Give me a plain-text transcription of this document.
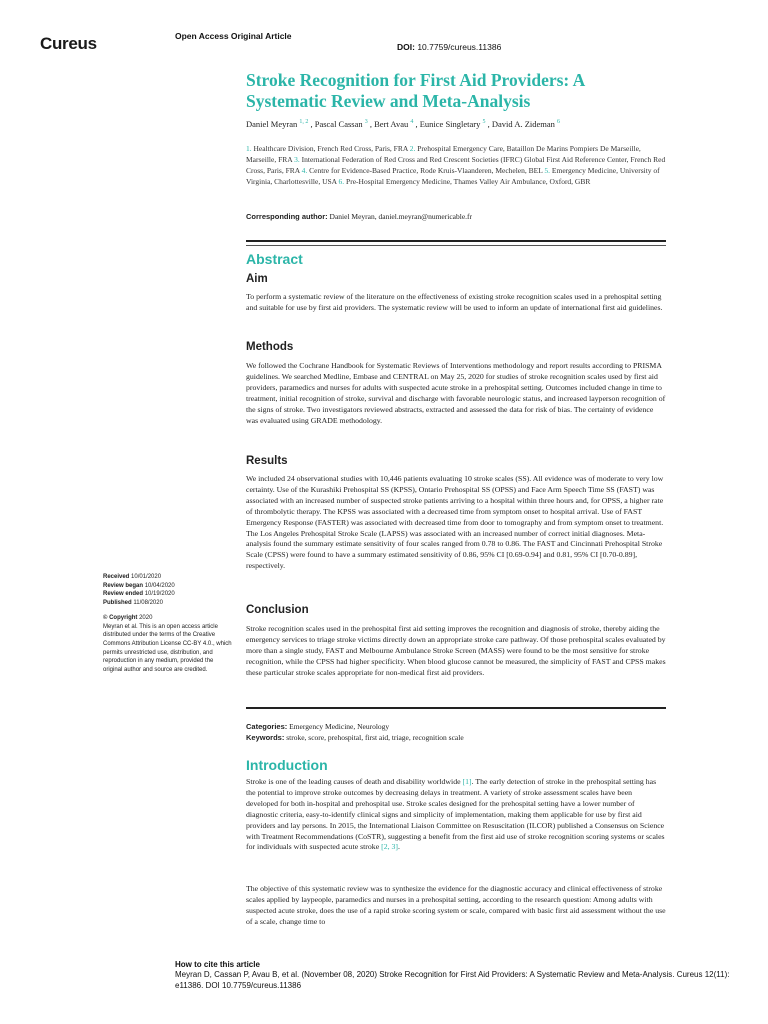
Cureus	Open Access Original Article
DOI: 10.7759/cureus.11386
Stroke Recognition for First Aid Providers: A Systematic Review and Meta-Analysis
Daniel Meyran $^{1, 2}$ , Pascal Cassan $^3$ , Bert Avau $^4$ , Eunice Singletary $^5$ , David A. Zideman $^6$
1. Healthcare Division, French Red Cross, Paris, FRA 2. Prehospital Emergency Care, Bataillon De Marins Pompiers De Marseille, Marseille, FRA 3. International Federation of Red Cross and Red Crescent Societies (IFRC) Global First Aid Reference Center, French Red Cross, Paris, FRA 4. Centre for Evidence-Based Practice, Rode Kruis-Vlaanderen, Mechelen, BEL 5. Emergency Medicine, University of Virginia, Charlottesville, USA 6. Pre-Hospital Emergency Medicine, Thames Valley Air Ambulance, Oxford, GBR
Corresponding author: Daniel Meyran, daniel.meyran@numericable.fr
Abstract
Aim

To perform a systematic review of the literature on the effectiveness of existing stroke recognition scales used in a prehospital setting and suitable for use by first aid providers. The systematic review will be used to inform an update of international first aid guidelines.

Methods

We followed the Cochrane Handbook for Systematic Reviews of Interventions methodology and report results according to PRISMA guidelines. We searched Medline, Embase and CENTRAL on May 25, 2020 for studies of stroke recognition scales used by first aid providers, paramedics and nurses for adults with suspected acute stroke in a prehospital setting. Outcomes included change in time to treatment, initial recognition of stroke, survival and discharge with favorable neurologic status, and increased layperson recognition of the signs of stroke. Two investigators reviewed abstracts, extracted and assessed the data for risk of bias. The certainty of evidence was evaluated using GRADE methodology.

Results

We included 24 observational studies with 10,446 patients evaluating 10 stroke scales (SS). All evidence was of moderate to very low certainty. Use of the Kurashiki Prehospital SS (KPSS), Ontario Prehospital SS (OPSS) and Face Arm Speech Time SS (FAST) was associated with an increased number of suspected stroke patients arriving to a hospital within three hours and, for OPSS, a higher rate of thrombolytic therapy. The KPSS was associated with a decreased time from symptom onset to hospital arrival. Use of FAST Emergency Response (FASTER) was associated with decreased time from door to tomography and from symptom onset to treatment. The Los Angeles Prehospital Stroke Scale (LAPSS) was associated with an increased number of correct initial diagnoses. Meta-analysis found the summary estimate sensitivity of four scales ranged from 0.78 to 0.86. The FAST and Cincinnati Prehospital Stroke Scale (CPSS) were found to have a summary estimated sensitivity of 0.86, 95% CI [0.69-0.94] and 0.81, 95% CI [0.70-0.89], respectively.

Conclusion

Stroke recognition scales used in the prehospital first aid setting improves the recognition and diagnosis of stroke, thereby aiding the emergency services to triage stroke victims directly down an appropriate stroke care pathway. Of those prehospital scales evaluated by more than a single study, FAST and Melbourne Ambulance Stroke Screen (MASS) were found to be the most sensitive for stroke recognition, while the CPSS had higher specificity. When blood glucose cannot be measured, the simplicity of FAST and CPSS makes these particular stroke scales appropriate for non-medical first aid providers.

Received 10/01/2020
Review began 10/04/2020
Review ended 10/19/2020
Published 11/08/2020
© Copyright 2020
Meyran et al. This is an open access article distributed under the terms of the Creative Commons Attribution License CC-BY 4.0., which permits unrestricted use, distribution, and reproduction in any medium, provided the original author and source are credited.
Categories: Emergency Medicine, Neurology
Keywords: stroke, score, prehospital, first aid, triage, recognition scale
Introduction

Stroke is one of the leading causes of death and disability worldwide [1]. The early detection of stroke in the prehospital setting has the potential to improve stroke outcomes by decreasing delays in treatment. A variety of stroke assessment scales have been developed for both in-hospital and prehospital use. Stroke scales designed for the prehospital setting have a lower number of diagnostic criteria, easy-to-identify clinical signs and simplicity of implementation, making them applicable for use by first aid providers and lay persons. In 2015, the International Liaison Committee on Resuscitation (ILCOR) published a Consensus on Science with Treatment Recommendations (CoSTR), suggesting a benefit from the first aid use of stroke recognition scoring systems or scales for individuals with suspected acute stroke [2, 3].

The objective of this systematic review was to synthesize the evidence for the diagnostic accuracy and clinical effectiveness of stroke scales applied by laypeople, paramedics and nurses in a prehospital setting, according to the research question: Among adults with suspected acute stroke, does the use of a rapid stroke scoring system or scale, compared with basic first aid assessment without the use of a scale, change time to

How to cite this article
Meyran D, Cassan P, Avau B, et al. (November 08, 2020) Stroke Recognition for First Aid Providers: A Systematic Review and Meta-Analysis. Cureus 12(11): e11386. DOI 10.7759/cureus.11386
